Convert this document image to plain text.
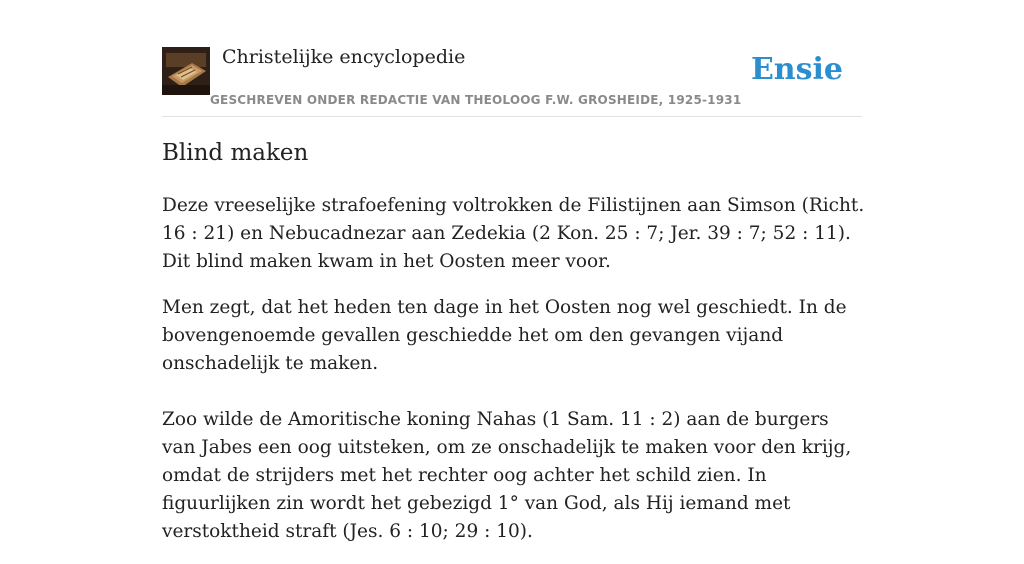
Christelijke encyclopedie
GESCHREVEN ONDER REDACTIE VAN THEOLOOG F.W. GROSHEIDE, 1925-1931
Ensie
Blind maken

Deze vreeselijke strafoefening voltrokken de Filistijnen aan Simson (Richt. 16 : 21) en Nebucadnezar aan Zedekia (2 Kon. 25 : 7; Jer. 39 : 7; 52 : 11). Dit blind maken kwam in het Oosten meer voor.

Men zegt, dat het heden ten dage in het Oosten nog wel geschiedt. In de bovengenoemde gevallen geschiedde het om den gevangen vijand onschadelijk te maken.

Zoo wilde de Amoritische koning Nahas (1 Sam. 11 : 2) aan de burgers van Jabes een oog uitsteken, om ze onschadelijk te maken voor den krijg, omdat de strijders met het rechter oog achter het schild zien. In figuurlijken zin wordt het gebezigd 1° van God, als Hij iemand met verstoktheid straft (Jes. 6 : 10; 29 : 10).
